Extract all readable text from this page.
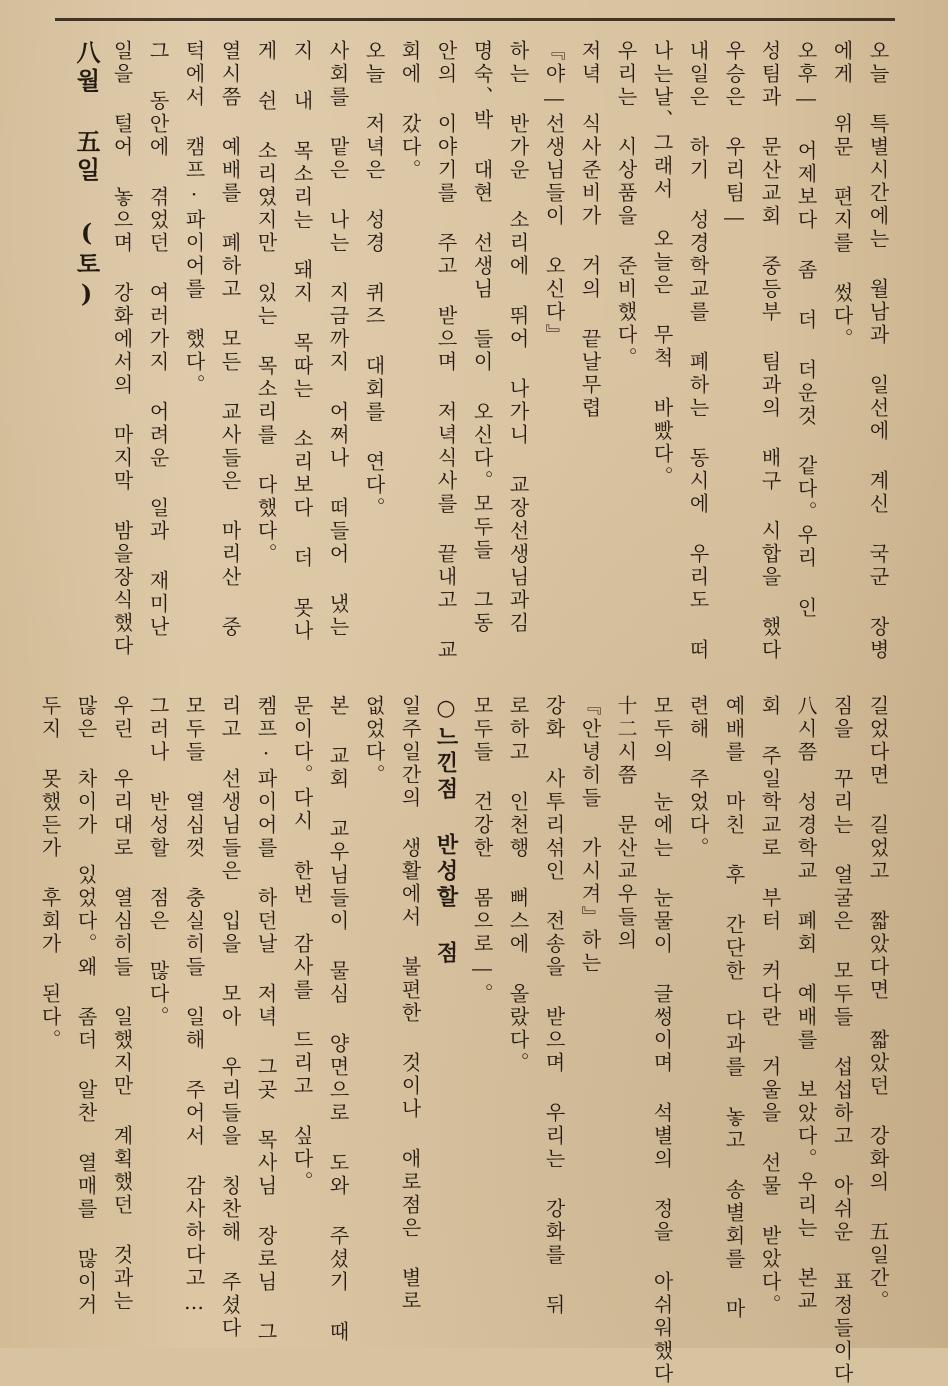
오늘 특별시간에는 월남과 일선에 계신 국군 장병
에게 위문 편지를 썼다。
오후― 어제보다 좀 더 더운것 같다。우리 인
성팀과 문산교회 중등부 팀과의 배구 시합을 했다
우승은 우리팀―
내일은 하기 성경학교를 폐하는 동시에 우리도 떠
나는날、그래서 오늘은 무척 바빴다。
우리는 시상품을 준비했다。
저녁 식사준비가 거의 끝날무렵
『야―선생님들이 오신다』
하는 반가운 소리에 뛰어 나가니 교장선생님과김
명숙、박 대현 선생님 들이 오신다。모두들 그동
안의 이야기를 주고 받으며 저녁식사를 끝내고 교
회에 갔다。
오늘 저녁은 성경 퀴즈 대회를 연다。
사회를 맡은 나는 지금까지 어쩌나 떠들어 냈는
지 내 목소리는 돼지 목따는 소리보다 더 못나
게 쉰 소리였지만 있는 목소리를 다했다。
열시쯤 예배를 폐하고 모든 교사들은 마리산 중
턱에서 캠프·파이어를 했다。
그 동안에 겪었던 여러가지 어려운 일과 재미난
일을 털어 놓으며 강화에서의 마지막 밤을장식했다
八월 五일 (토)
길었다면 길었고 짧았다면 짧았던 강화의 五일간。
짐을 꾸리는 얼굴은 모두들 섭섭하고 아쉬운 표정들이다
八시쯤 성경학교 폐회 예배를 보았다。우리는 본교
회 주일학교로 부터 커다란 거울을 선물 받았다。
예배를 마친 후 간단한 다과를 놓고 송별회를 마
련해 주었다。
모두의 눈에는 눈물이 글썽이며 석별의 정을 아쉬워했다
十二시쯤 문산교우들의
『안녕히들 가시겨』하는
강화 사투리섞인 전송을 받으며 우리는 강화를 뒤
로하고 인천행 뻐스에 올랐다。
모두들 건강한 몸으로―。
○느낀점 반성할 점
일주일간의 생활에서 불편한 것이나 애로점은 별로
없었다。
본 교회 교우님들이 물심 양면으로 도와 주셨기 때
문이다。다시 한번 감사를 드리고 싶다。
켐프·파이어를 하던날 저녁 그곳 목사님 장로님 그
리고 선생님들은 입을 모아 우리들을 칭찬해 주셨다
모두들 열심껏 충실히들 일해 주어서 감사하다고…
그러나 반성할 점은 많다。
우린 우리대로 열심히들 일했지만 계획했던 것과는
많은 차이가 있었다。왜 좀더 알찬 열매를 많이거
두지 못했든가 후회가 된다。
